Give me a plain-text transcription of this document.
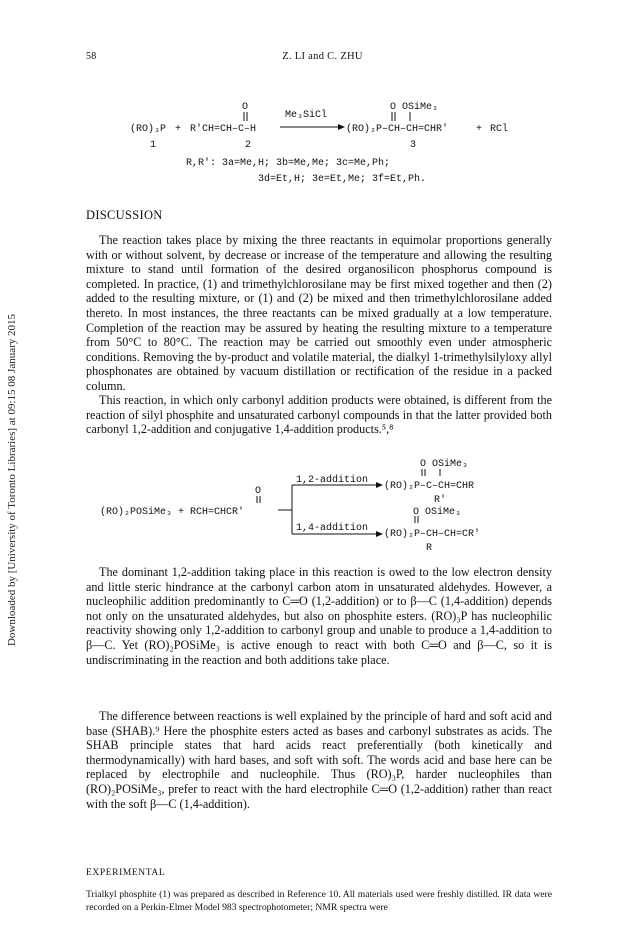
58	Z. LI and C. ZHU
Downloaded by [University of Toronto Libraries] at 09:15 08 January 2015
O
(RO)₃P + R'CH=CH–C–H
Me₃SiCl
O OSiMe₃
(RO)₂P–CH–CH=CHR'	+ RCl
1	2	3
R,R': 3a=Me,H; 3b=Me,Me; 3c=Me,Ph;
3d=Et,H; 3e=Et,Me; 3f=Et,Ph.
DISCUSSION
The reaction takes place by mixing the three reactants in equimolar proportions generally with or without solvent, by decrease or increase of the temperature and allowing the resulting mixture to stand until formation of the desired organosilicon phosphorus compound is completed. In practice, (1) and trimethylchlorosilane may be first mixed together and then (2) added to the resulting mixture, or (1) and (2) be mixed and then trimethylchlorosilane added thereto. In most instances, the three reactants can be mixed gradually at a low temperature. Completion of the reaction may be assured by heating the resulting mixture to a temperature from 50°C to 80°C. The reaction may be carried out smoothly even under atmospheric conditions. Removing the by-product and volatile material, the dialkyl 1-trimethylsilyloxy allyl phosphonates are obtained by vacuum distillation or rectification of the residue in a packed column.
This reaction, in which only carbonyl addition products were obtained, is different from the reaction of silyl phosphite and unsaturated carbonyl compounds in that the latter provided both carbonyl 1,2-addition and conjugative 1,4-addition products.⁵,⁸
O OSiMe₃
1,2-addition
(RO)₂P–C–CH=CHR
R'
O
(RO)₂POSiMe₃ + RCH=CHCR'	O OSiMe₃
1,4-addition
(RO)₂P–CH–CH=CR'
R
The dominant 1,2-addition taking place in this reaction is owed to the low electron density and little steric hindrance at the carbonyl carbon atom in unsaturated aldehydes. However, a nucleophilic addition predominantly to C═O (1,2-addition) or to β—C (1,4-addition) depends not only on the unsaturated aldehydes, but also on phosphite esters. (RO)₃P has nucleophilic reactivity showing only 1,2-addition to carbonyl group and unable to produce a 1,4-addition to β—C. Yet (RO)₂POSiMe₃ is active enough to react with both C═O and β—C, so it is undiscriminating in the reaction and both additions take place.
The difference between reactions is well explained by the principle of hard and soft acid and base (SHAB).⁹ Here the phosphite esters acted as bases and carbonyl substrates as acids. The SHAB principle states that hard acids react preferentially (both kinetically and thermodynamically) with hard bases, and soft with soft. The words acid and base here can be replaced by electrophile and nucleophile. Thus (RO)₃P, harder nucleophiles than (RO)₂POSiMe₃, prefer to react with the hard electrophile C═O (1,2-addition) rather than react with the soft β—C (1,4-addition).
EXPERIMENTAL
Trialkyl phosphite (1) was prepared as described in Reference 10. All materials used were freshly distilled. IR data were recorded on a Perkin-Elmer Model 983 spectrophotometer; NMR spectra were
